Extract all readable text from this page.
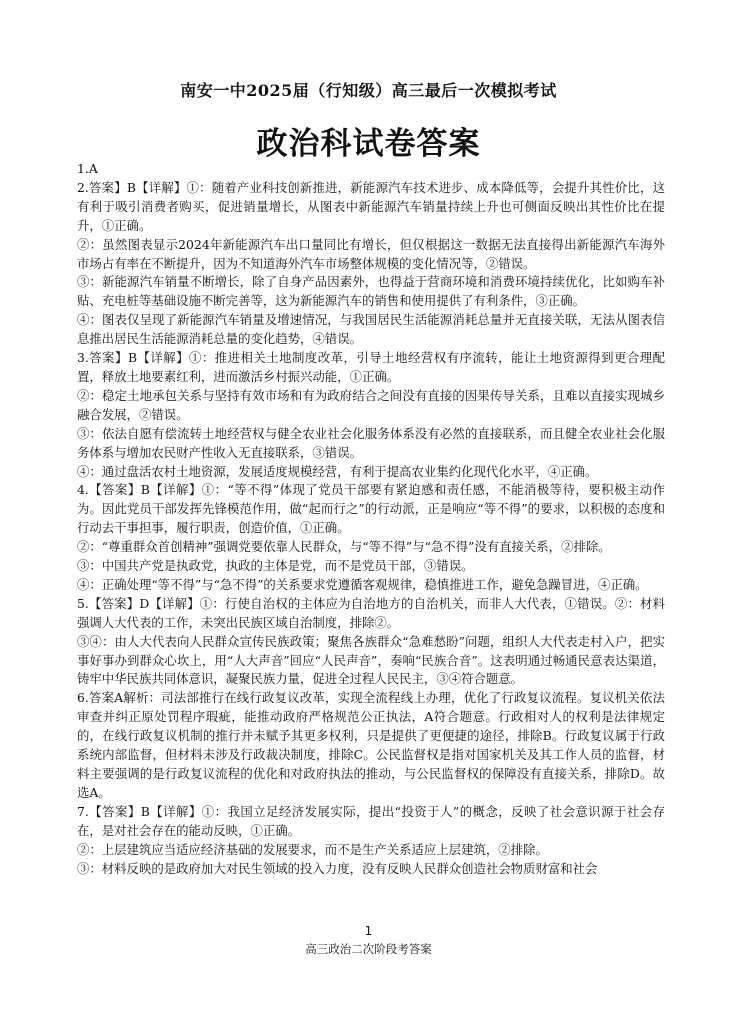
南安一中2025届（行知级）高三最后一次模拟考试
政治科试卷答案

1.A

2.答案】B【详解】①：随着产业科技创新推进，新能源汽车技术进步、成本降低等，会提升其性价比，这有利于吸引消费者购买，促进销量增长，从图表中新能源汽车销量持续上升也可侧面反映出其性价比在提升，①正确。

②：虽然图表显示2024年新能源汽车出口量同比有增长，但仅根据这一数据无法直接得出新能源汽车海外市场占有率在不断提升，因为不知道海外汽车市场整体规模的变化情况等，②错误。

③：新能源汽车销量不断增长，除了自身产品因素外，也得益于营商环境和消费环境持续优化，比如购车补贴、充电桩等基础设施不断完善等，这为新能源汽车的销售和使用提供了有利条件，③正确。

④：图表仅呈现了新能源汽车销量及增速情况，与我国居民生活能源消耗总量并无直接关联，无法从图表信息推出居民生活能源消耗总量的变化趋势，④错误。

3.答案】B【详解】①：推进相关土地制度改革，引导土地经营权有序流转，能让土地资源得到更合理配置，释放土地要素红利，进而激活乡村振兴动能，①正确。

②：稳定土地承包关系与坚持有效市场和有为政府结合之间没有直接的因果传导关系，且难以直接实现城乡融合发展，②错误。

③：依法自愿有偿流转土地经营权与健全农业社会化服务体系没有必然的直接联系，而且健全农业社会化服务体系与增加农民财产性收入无直接联系，③错误。

④：通过盘活农村土地资源，发展适度规模经营，有利于提高农业集约化现代化水平，④正确。

4.【答案】B【详解】①：“等不得”体现了党员干部要有紧迫感和责任感，不能消极等待，要积极主动作为。因此党员干部发挥先锋模范作用，做“起而行之”的行动派，正是响应“等不得”的要求，以积极的态度和行动去干事担事，履行职责，创造价值，①正确。

②：“尊重群众首创精神”强调党要依靠人民群众，与“等不得”与“急不得”没有直接关系，②排除。

③：中国共产党是执政党，执政的主体是党，而不是党员干部，③错误。

④：正确处理“等不得”与“急不得”的关系要求党遵循客观规律，稳慎推进工作，避免急躁冒进，④正确。

5.【答案】D【详解】①：行使自治权的主体应为自治地方的自治机关，而非人大代表，①错误。②：材料强调人大代表的工作，未突出民族区域自治制度，排除②。

③④：由人大代表向人民群众宣传民族政策；聚焦各族群众“急难愁盼”问题，组织人大代表走村入户，把实事好事办到群众心坎上，用“人大声音”回应“人民声音”，奏响“民族合音”。这表明通过畅通民意表达渠道，铸牢中华民族共同体意识，凝聚民族力量，促进全过程人民民主，③④符合题意。

6.答案A解析：司法部推行在线行政复议改革，实现全流程线上办理，优化了行政复议流程。复议机关依法审查并纠正原处罚程序瑕疵，能推动政府严格规范公正执法，A符合题意。行政相对人的权利是法律规定的，在线行政复议机制的推行并未赋予其更多权利，只是提供了更便捷的途径，排除B。行政复议属于行政系统内部监督，但材料未涉及行政裁决制度，排除C。公民监督权是指对国家机关及其工作人员的监督，材料主要强调的是行政复议流程的优化和对政府执法的推动，与公民监督权的保障没有直接关系，排除D。故选A。

7.【答案】B【详解】①：我国立足经济发展实际，提出“投资于人”的概念，反映了社会意识源于社会存在，是对社会存在的能动反映，①正确。

②：上层建筑应当适应经济基础的发展要求，而不是生产关系适应上层建筑，②排除。

③：材料反映的是政府加大对民生领域的投入力度，没有反映人民群众创造社会物质财富和社会

1
高三政治二次阶段考答案
